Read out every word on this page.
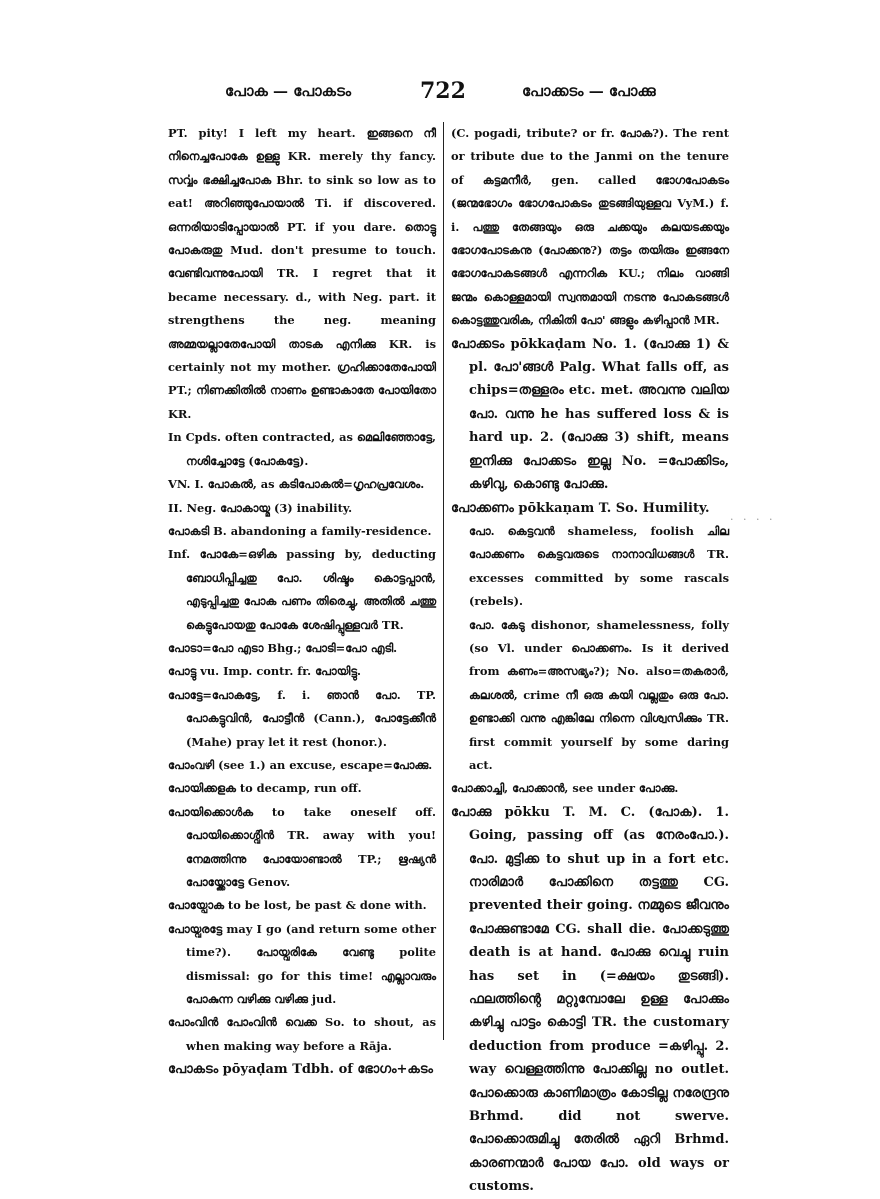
പോക — പോകടം	722	പോക്കടം — പോക്കു

PT. pity! I left my heart. ഇങ്ങനെ നീ നിനെച്ചപോകേ ഉള്ളു KR. merely thy fancy. സൎവ്വം ഭക്ഷിച്ചപോക Bhr. to sink so low as to eat! അറിഞ്ഞുപോയാൽ Ti. if discovered. ഒന്നരിയാടിപ്പോയാൽ PT. if you dare. തൊട്ടു പോകരുതു Mud. don't presume to touch. വേണ്ടിവന്നുപോയി TR. I regret that it became necessary. d., with Neg. part. it strengthens the neg. meaning അമ്മയല്ലാതേപോയി താടക എനിക്കു KR. is certainly not my mother. ഗ്രഹിക്കാതേപോയി PT.; നിണക്കിതിൽ നാണം ഉണ്ടാകാതേ പോയിതോ KR.

In Cpds. often contracted, as മെലിഞ്ഞോട്ടേ, നശിച്ചോട്ടേ (പോകട്ടേ).

VN. I. പോകൽ, as കടിപോകൽ=ഗൃഹപ്രവേശം.

II. Neg. പോകായ്മ (3) inability.

പോകടി B. abandoning a family-residence.

Inf. പോകേ=ഒഴിക passing by, deducting ബോധിപ്പിച്ചതു പോ. ശിഷ്ടം കൊട്ടപ്പാൻ, എടുപ്പിച്ചതു പോക പണം തിരെച്ചു, അതിൽ ചത്തു കെട്ടുപോയതു പോകേ ശേഷിപ്പുള്ളവർ TR.

പോടാ=പോ എടാ Bhg.; പോടി=പോ എടി.

പോട്ടു vu. Imp. contr. fr. പോയിട്ടു.

പോട്ടേ=പോകട്ടേ, f. i. ഞാൻ പോ. TP. പോകട്ടുവിൻ, പോട്ടീൻ (Cann.), പോട്ടേക്കീൻ (Mahe) pray let it rest (honor.).

പോംവഴി (see 1.) an excuse, escape=പോക്കു.

പോയിക്കളക to decamp, run off.

പോയിക്കൊൾക to take oneself off. പോയിക്കൊൾ്വിൻ TR. away with you! നേമത്തിന്നു പോയോണ്ടാൽ TP.; ഋഷ്യൻ പോയ്ക്കോട്ടേ Genov.

പോയ്പോക to be lost, be past & done with.

പോയ്വരട്ടേ may I go (and return some other time?). പോയ്വരികേ വേണ്ടു polite dismissal: go for this time! എല്ലാവരും പോകുന്ന വഴിക്കു വഴിക്കു jud.

പോംവിൻ പോംവിൻ വെക്ക So. to shout, as when making way before a Rāja.

പോകടം pōyaḍam Tdbh. of ഭോഗം+കടം

(C. pogadi, tribute? or fr. പോക?). The rent or tribute due to the Janmi on the tenure of കട്ടമനീർ, gen. called ഭോഗപോകടം (ജന്മഭോഗം ഭോഗപോകടം തുടങ്ങിയുള്ളവ VyM.) f. i. പത്തു തേങ്ങയും ഒരു ചക്കയും കലയടക്കയും ഭോഗപോടകനു (പോക്കനു?) തട്ടം തയിരും ഇങ്ങനേ ഭോഗപോകടങ്ങൾ എന്നറിക KU.; നിലം വാങ്ങി ജന്മം കൊള്ളമായി സ്വന്തമായി നടന്നു പോകടങ്ങൾ കൊട്ടത്തുവരിക, നികിതി പോ' ങ്ങളും കഴിപ്പാൻ MR.

പോക്കടം pōkkaḍam No. 1. (പോക്കു 1) & pl. പോ'ങ്ങൾ Palg. What falls off, as chips=തള്ളരം etc. met. അവന്നു വലിയ പോ. വന്നു he has suffered loss & is hard up. 2. (പോക്കു 3) shift, means ഇനിക്കു പോക്കടം ഇല്ല No. =പോക്കിടം, കഴിവു, കൊണ്ടു പോക്കു.

പോക്കണം pōkkaṇam T. So. Humility.

പോ. കെട്ടവൻ shameless, foolish ചില പോക്കണം കെട്ടവരുടെ നാനാവിധങ്ങൾ TR. excesses committed by some rascals (rebels).

പോ. കേടു dishonor, shamelessness, folly (so Vl. under പൊക്കണം. Is it derived from കണം=അസഭ്യം?); No. also=തകരാർ, കലശൽ, crime നീ ഒരു കയി വല്ലതും ഒരു പോ. ഉണ്ടാക്കി വന്നു എങ്കിലേ നിന്നെ വിശ്വസിക്കും TR. first commit yourself by some daring act.

പോക്കാച്ചി, പോക്കാൻ, see under പോക്കു.

പോക്കു pōkku T. M. C. (പോക). 1. Going, passing off (as നേരംപോ.). പോ. മുട്ടിക്ക to shut up in a fort etc. നാരിമാർ പോക്കിനെ തട്ടത്തു CG. prevented their going. നമ്മുടെ ജീവനും പോക്കുണ്ടാമേ CG. shall die. പോക്കടുത്തു death is at hand. പോക്കു വെച്ചു ruin has set in (=ക്ഷയം തുടങ്ങി). ഫലത്തിന്റെ മറ്റുമ്പോലേ ഉള്ള പോക്കും കഴിച്ചു പാട്ടം കൊട്ടി TR. the customary deduction from produce =കഴിപ്പു. 2. way വെള്ളത്തിന്നു പോക്കില്ല no outlet. പോക്കൊരു കാണിമാത്രം കോടില്ല നരേന്ദ്രനു Brhmd. did not swerve. പോക്കൊരുമിച്ചു തേരിൽ ഏറി Brhmd. കാരണന്മാർ പോയ പോ. old ways or customs.

. . . .
